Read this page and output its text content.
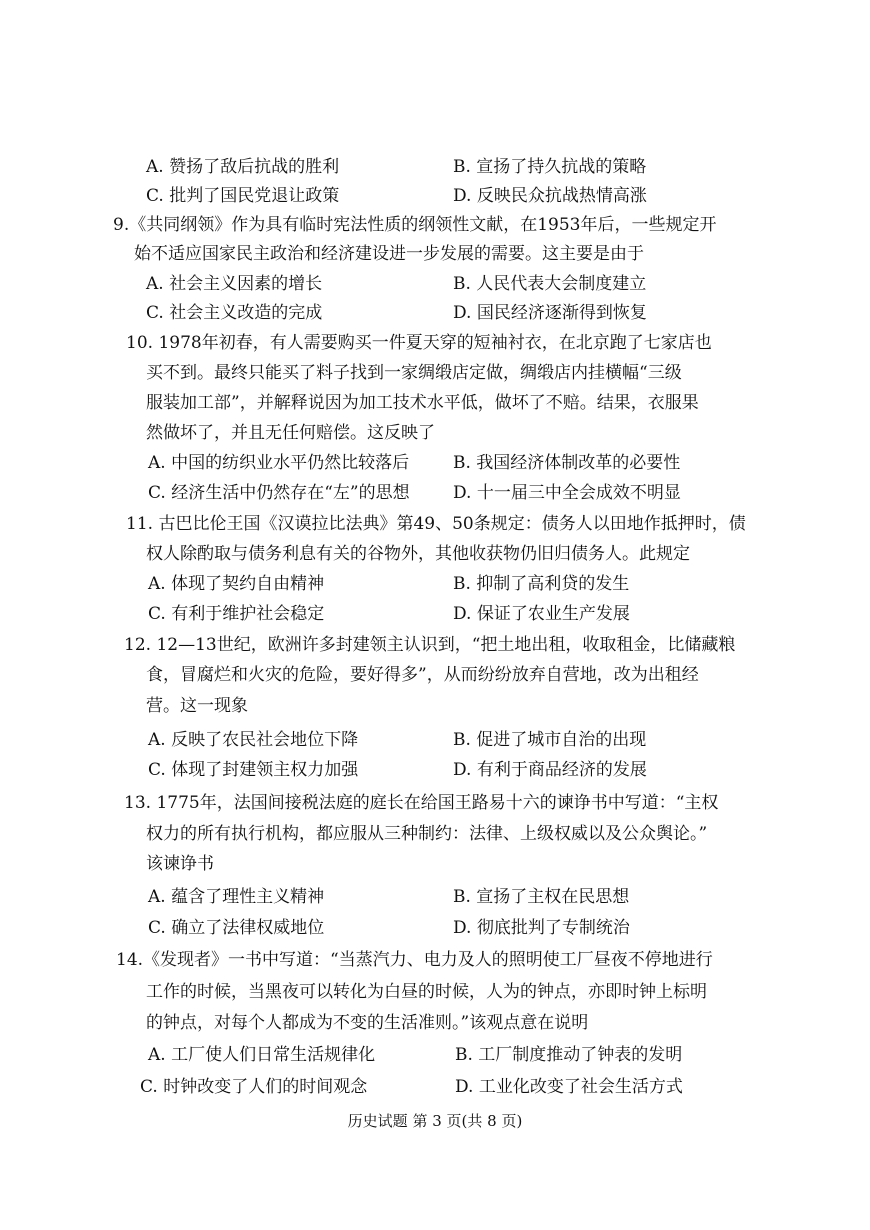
A. 赞扬了敌后抗战的胜利	B. 宣扬了持久抗战的策略
C. 批判了国民党退让政策	D. 反映民众抗战热情高涨
9.《共同纲领》作为具有临时宪法性质的纲领性文献，在1953年后，一些规定开
始不适应国家民主政治和经济建设进一步发展的需要。这主要是由于
A. 社会主义因素的增长	B. 人民代表大会制度建立
C. 社会主义改造的完成	D. 国民经济逐渐得到恢复
10. 1978年初春，有人需要购买一件夏天穿的短袖衬衣，在北京跑了七家店也
买不到。最终只能买了料子找到一家绸缎店定做，绸缎店内挂横幅“三级
服装加工部”，并解释说因为加工技术水平低，做坏了不赔。结果，衣服果
然做坏了，并且无任何赔偿。这反映了
A. 中国的纺织业水平仍然比较落后	B. 我国经济体制改革的必要性
C. 经济生活中仍然存在“左”的思想	D. 十一届三中全会成效不明显
11. 古巴比伦王国《汉谟拉比法典》第49、50条规定：债务人以田地作抵押时，债
权人除酌取与债务利息有关的谷物外，其他收获物仍旧归债务人。此规定
A. 体现了契约自由精神	B. 抑制了高利贷的发生
C. 有利于维护社会稳定	D. 保证了农业生产发展
12. 12—13世纪，欧洲许多封建领主认识到，“把土地出租，收取租金，比储藏粮
食，冒腐烂和火灾的危险，要好得多”，从而纷纷放弃自营地，改为出租经
营。这一现象
A. 反映了农民社会地位下降	B. 促进了城市自治的出现
C. 体现了封建领主权力加强	D. 有利于商品经济的发展
13. 1775年，法国间接税法庭的庭长在给国王路易十六的谏诤书中写道：“主权
权力的所有执行机构，都应服从三种制约：法律、上级权威以及公众舆论。”
该谏诤书
A. 蕴含了理性主义精神	B. 宣扬了主权在民思想
C. 确立了法律权威地位	D. 彻底批判了专制统治
14.《发现者》一书中写道：“当蒸汽力、电力及人的照明使工厂昼夜不停地进行
工作的时候，当黑夜可以转化为白昼的时候，人为的钟点，亦即时钟上标明
的钟点，对每个人都成为不变的生活准则。”该观点意在说明
A. 工厂使人们日常生活规律化	B. 工厂制度推动了钟表的发明
C. 时钟改变了人们的时间观念	D. 工业化改变了社会生活方式
历史试题 第 3 页(共 8 页)
